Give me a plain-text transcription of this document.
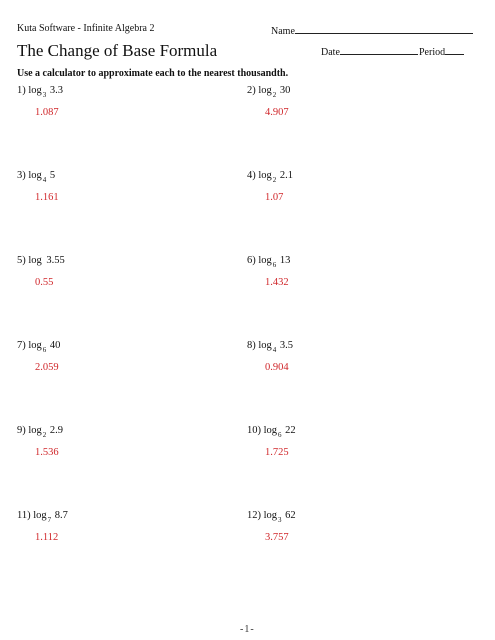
Kuta Software - Infinite Algebra 2	Name
The Change of Base Formula	Date	Period
Use a calculator to approximate each to the nearest thousandth.
1) $\log_3 3.3$
1.087
2) $\log_2 30$
4.907
3) $\log_4 5$
1.161
4) $\log_2 2.1$
1.07
5) log 3.55
0.55
6) $\log_6 13$
1.432
7) $\log_6 40$
2.059
8) $\log_4 3.5$
0.904
9) $\log_2 2.9$
1.536
10) $\log_6 22$
1.725
11) $\log_7 8.7$
1.112
12) $\log_3 62$
3.757
-1-
